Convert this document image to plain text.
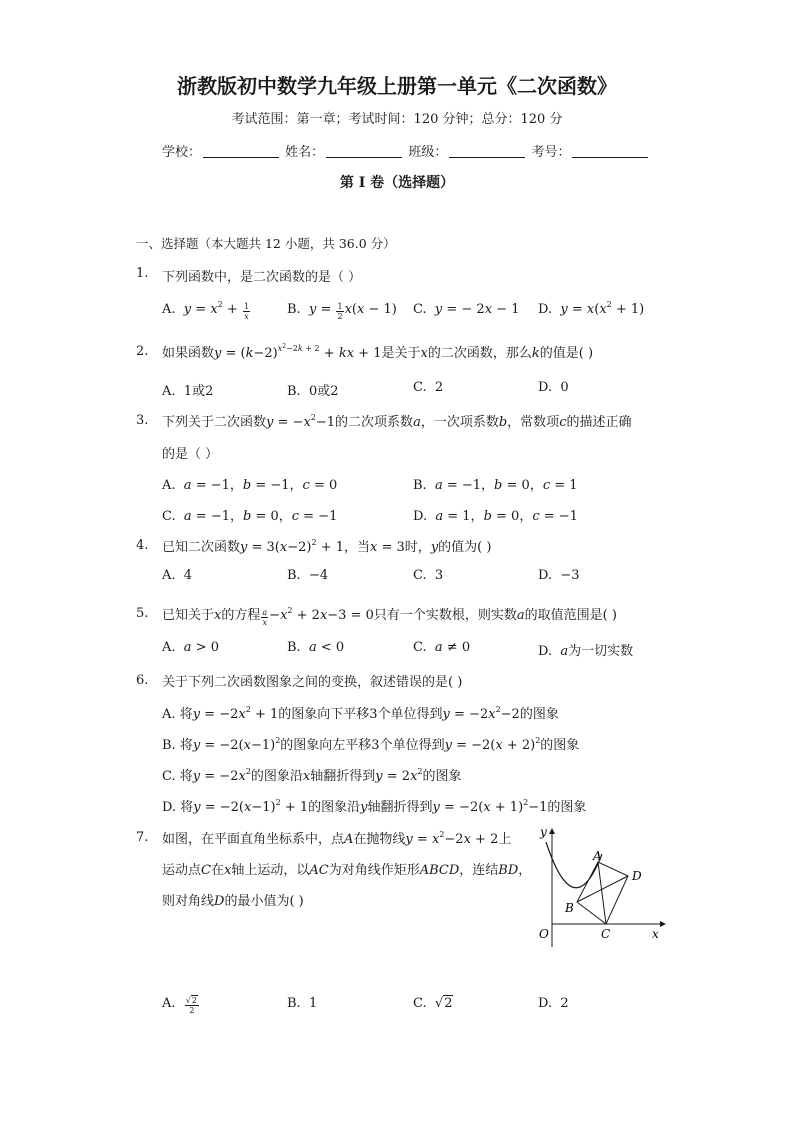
浙教版初中数学九年级上册第一单元《二次函数》
考试范围：第一章；考试时间：120 分钟；总分：120 分
学校：	姓名：	班级：	考号：
第 I 卷（选择题）
一、选择题（本大题共 12 小题，共 36.0 分）
1. 下列函数中，是二次函数的是（ ）
A. $y = x^2 + \frac{1}{x}$	B. $y = \frac{1}{2} x(x - 1)$ C. y = − 2x − 1 D. $y = x(x^2 + 1)$
2. 如果函数$y = (k-2)^{x^2-2k + 2}$ + kx + 1是关于x的二次函数，那么k的值是( )
A. 1或2	B. 0或2	C. 2	D. 0
3. 下列关于二次函数$y = -x^2-1$的二次项系数a，一次项系数b，常数项c的描述正确
的是（ ）
A. a = −1，b = −1，c = 0	B. a = −1，b = 0，c = 1
C. a = −1，b = 0，c = −1	D. a = 1，b = 0，c = −1
4. 已知二次函数$y = 3(x-2)^2 + 1$，当x = 3时，y的值为( )
A. 4	B. −4	C. 3	D. −3
5. 已知关于x的方程 $\frac{a}{x} -x^2 + 2x-3 = 0$只有一个实数根，则实数a的取值范围是( )
A. a > 0	B. a < 0	C. a ≠ 0	D. a为一切实数
6. 关于下列二次函数图象之间的变换，叙述错误的是( )
A. 将$y = -2x^2 + 1$的图象向下平移3个单位得到$y = -2x^2-2$的图象
B. 将$y = -2(x-1)^2$的图象向左平移3个单位得到$y = -2(x + 2)^2$的图象
C. 将$y = -2x^2$的图象沿x轴翻折得到$y = 2x^2$的图象
D. 将$y = -2(x-1)^2 + 1$的图象沿y轴翻折得到$y = -2(x + 1)^2-1$的图象
7. 如图，在平面直角坐标系中，点A在抛物线$y = x^2-2x + 2$上
运动点C在x轴上运动，以AC为对角线作矩形ABCD，连结BD，
则对角线D的最小值为( )
y
x
O
A
B
C
D
A. $\frac{√2}{2}$	B. 1	C.  √2	D. 2
